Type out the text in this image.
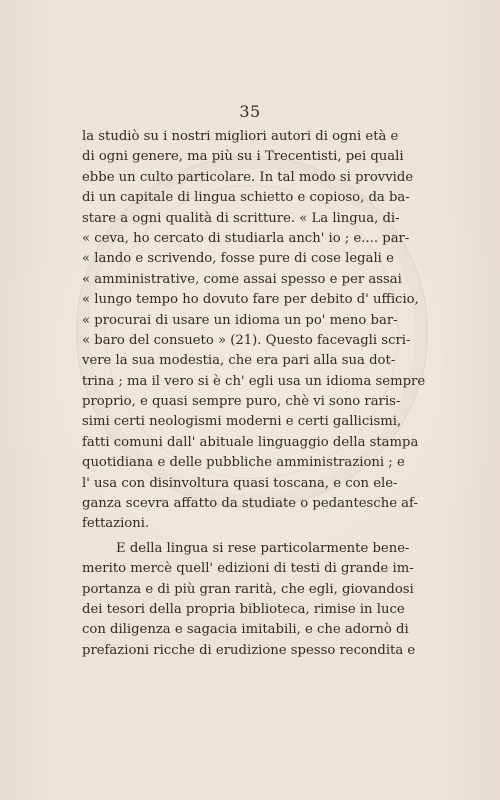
35
la studiò su i nostri migliori autori di ogni età e
di ogni genere, ma più su i Trecentisti, pei quali
ebbe un culto particolare. In tal modo si provvide
di un capitale di lingua schietto e copioso, da ba-
stare a ogni qualità di scritture. « La lingua, di-
« ceva, ho cercato di studiarla anch' io ; e.... par-
« lando e scrivendo, fosse pure di cose legali e
« amministrative, come assai spesso e per assai
« lungo tempo ho dovuto fare per debito d' ufficio,
« procurai di usare un idioma un po' meno bar-
« baro del consueto » (21). Questo facevagli scri-
vere la sua modestia, che era pari alla sua dot-
trina ; ma il vero si è ch' egli usa un idioma sempre
proprio, e quasi sempre puro, chè vi sono raris-
simi certi neologismi moderni e certi gallicismi,
fatti comuni dall' abituale linguaggio della stampa
quotidiana e delle pubbliche amministrazioni ; e
l' usa con disinvoltura quasi toscana, e con ele-
ganza scevra affatto da studiate o pedantesche af-
fettazioni.
E della lingua si rese particolarmente bene-
merito mercè quell' edizioni di testi di grande im-
portanza e di più gran rarità, che egli, giovandosi
dei tesori della propria biblioteca, rimise in luce
con diligenza e sagacia imitabili, e che adornò di
prefazioni ricche di erudizione spesso recondita e
